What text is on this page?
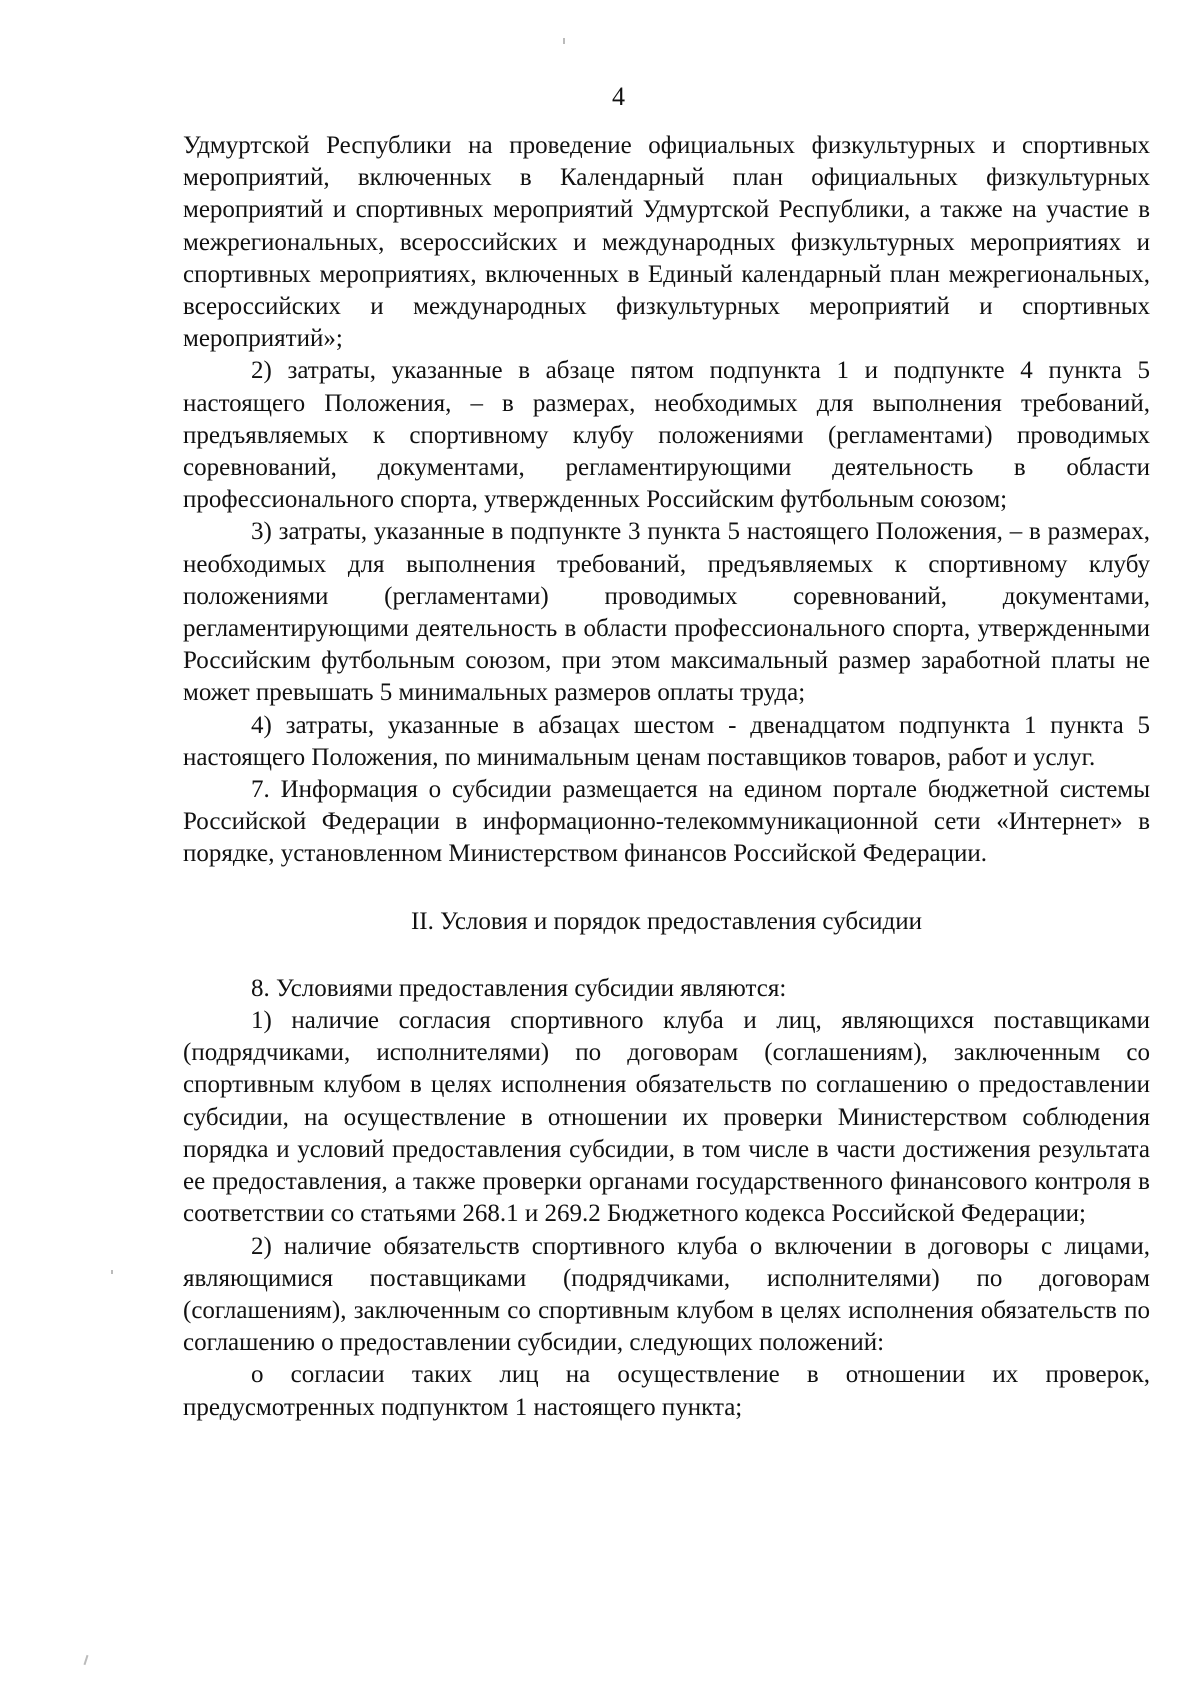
4

Удмуртской Республики на проведение официальных физкультурных и спортивных мероприятий, включенных в Календарный план официальных физкультурных мероприятий и спортивных мероприятий Удмуртской Республики, а также на участие в межрегиональных, всероссийских и международных физкультурных мероприятиях и спортивных мероприятиях, включенных в Единый календарный план межрегиональных, всероссийских и международных физкультурных мероприятий и спортивных мероприятий»;

2) затраты, указанные в абзаце пятом подпункта 1 и подпункте 4 пункта 5 настоящего Положения, – в размерах, необходимых для выполнения требований, предъявляемых к спортивному клубу положениями (регламентами) проводимых соревнований, документами, регламентирующими деятельность в области профессионального спорта, утвержденных Российским футбольным союзом;

3) затраты, указанные в подпункте 3 пункта 5 настоящего Положения, – в размерах, необходимых для выполнения требований, предъявляемых к спортивному клубу положениями (регламентами) проводимых соревнований, документами, регламентирующими деятельность в области профессионального спорта, утвержденными Российским футбольным союзом, при этом максимальный размер заработной платы не может превышать 5 минимальных размеров оплаты труда;

4) затраты, указанные в абзацах шестом - двенадцатом подпункта 1 пункта 5 настоящего Положения, по минимальным ценам поставщиков товаров, работ и услуг.

7. Информация о субсидии размещается на едином портале бюджетной системы Российской Федерации в информационно-телекоммуникационной сети «Интернет» в порядке, установленном Министерством финансов Российской Федерации.

II. Условия и порядок предоставления субсидии

8. Условиями предоставления субсидии являются:

1) наличие согласия спортивного клуба и лиц, являющихся поставщиками (подрядчиками, исполнителями) по договорам (соглашениям), заключенным со спортивным клубом в целях исполнения обязательств по соглашению о предоставлении субсидии, на осуществление в отношении их проверки Министерством соблюдения порядка и условий предоставления субсидии, в том числе в части достижения результата ее предоставления, а также проверки органами государственного финансового контроля в соответствии со статьями 268.1 и 269.2 Бюджетного кодекса Российской Федерации;

2) наличие обязательств спортивного клуба о включении в договоры с лицами, являющимися поставщиками (подрядчиками, исполнителями) по договорам (соглашениям), заключенным со спортивным клубом в целях исполнения обязательств по соглашению о предоставлении субсидии, следующих положений:

о согласии таких лиц на осуществление в отношении их проверок, предусмотренных подпунктом 1 настоящего пункта;
